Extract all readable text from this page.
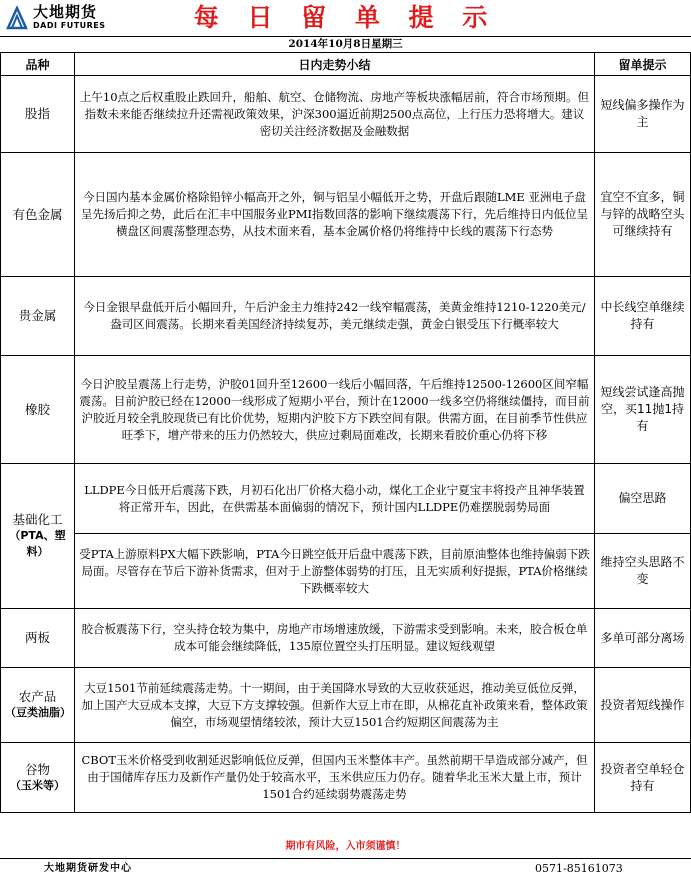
大地期货
DADI FUTURES	每 日 留 单 提 示
2014年10月8日星期三
品种	日内走势小结	留单提示
股指	上午10点之后权重股止跌回升，船舶、航空、仓储物流、房地产等板块涨幅居前，符合市场预期。但指数未来能否继续拉升还需视政策效果，沪深300逼近前期2500点高位，上行压力恐将增大。建议密切关注经济数据及金融数据	短线偏多操作为主
有色金属	今日国内基本金属价格除铅锌小幅高开之外，铜与铝呈小幅低开之势，开盘后跟随LME 亚洲电子盘呈先扬后抑之势，此后在汇丰中国服务业PMI指数回落的影响下继续震荡下行，先后维持日内低位呈横盘区间震荡整理态势，从技术面来看，基本金属价格仍将维持中长线的震荡下行态势	宜空不宜多，铜与锌的战略空头可继续持有
贵金属	今日金银早盘低开后小幅回升，午后沪金主力维持242一线窄幅震荡，美黄金维持1210-1220美元/盎司区间震荡。长期来看美国经济持续复苏，美元继续走强，黄金白银受压下行概率较大	中长线空单继续持有
橡胶	今日沪胶呈震荡上行走势，沪胶01回升至12600一线后小幅回落，午后维持12500-12600区间窄幅震荡。目前沪胶已经在12000一线形成了短期小平台，预计在12000一线多空仍将继续僵持，而目前沪胶近月较全乳胶现货已有比价优势，短期内沪胶下方下跌空间有限。供需方面，在目前季节性供应旺季下，增产带来的压力仍然较大，供应过剩局面难改，长期来看胶价重心仍将下移	短线尝试逢高抛空，买11抛1持有
基础化工
（PTA、塑料）	LLDPE今日低开后震荡下跌，月初石化出厂价格大稳小动，煤化工企业宁夏宝丰将投产且神华装置将正常开车，因此，在供需基本面偏弱的情况下，预计国内LLDPE仍难摆脱弱势局面	偏空思路
	受PTA上游原料PX大幅下跌影响，PTA今日跳空低开后盘中震荡下跌，目前原油整体也维持偏弱下跌局面。尽管存在节后下游补货需求，但对于上游整体弱势的打压，且无实质利好提振，PTA价格继续下跌概率较大	维持空头思路不变
两板	胶合板震荡下行，空头持仓较为集中，房地产市场增速放缓，下游需求受到影响。未来，胶合板仓单成本可能会继续降低，135原位置空头打压明显。建议短线观望	多单可部分离场
农产品
（豆类油脂）	大豆1501节前延续震荡走势。十一期间，由于美国降水导致的大豆收获延迟，推动美豆低位反弹，加上国产大豆成本支撑，大豆下方支撑较强。但新作大豆上市在即，从棉花直补政策来看，整体政策偏空，市场观望情绪较浓，预计大豆1501合约短期区间震荡为主	投资者短线操作
谷物
（玉米等）	CBOT玉米价格受到收割延迟影响低位反弹，但国内玉米整体丰产。虽然前期干旱造成部分减产，但由于国储库存压力及新作产量仍处于较高水平，玉米供应压力仍存。随着华北玉米大量上市，预计1501合约延续弱势震荡走势	投资者空单轻仓持有
期市有风险，入市须谨慎！
大地期货研发中心	0571-85161073
